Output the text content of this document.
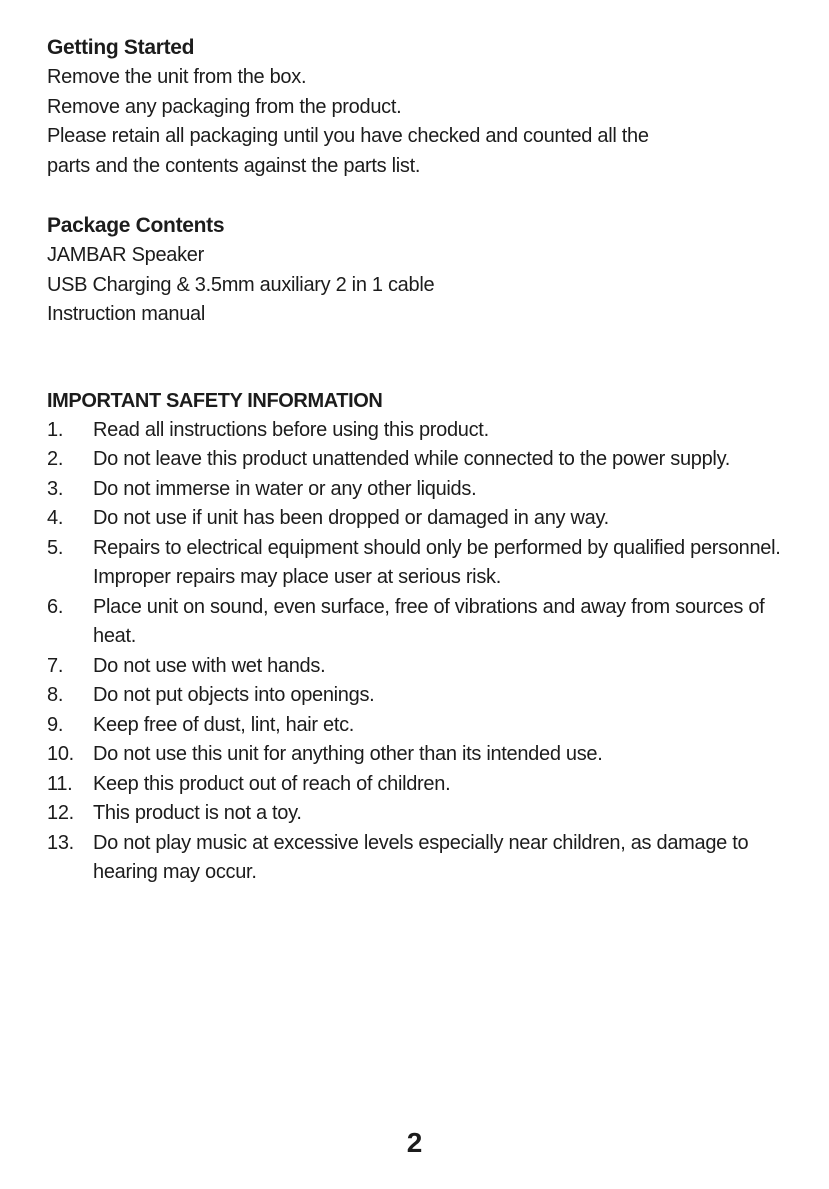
Getting Started

Remove the unit from the box.

Remove any packaging from the product.

Please retain all packaging until you have checked and counted all the

parts and the contents against the parts list.

Package Contents

JAMBAR Speaker

USB Charging & 3.5mm auxiliary 2 in 1 cable

Instruction manual

IMPORTANT SAFETY INFORMATION
1.	Read all instructions before using this product.
2.	Do not leave this product unattended while connected to the power supply.
3.	Do not immerse in water or any other liquids.
4.	Do not use if unit has been dropped or damaged in any way.
5.	Repairs to electrical equipment should only be performed by qualified personnel. Improper repairs may place user at serious risk.
6.	Place unit on sound, even surface, free of vibrations and away from sources of heat.
7.	Do not use with wet hands.
8.	Do not put objects into openings.
9.	Keep free of dust, lint, hair etc.
10. Do not use this unit for anything other than its intended use.
11.	Keep this product out of reach of children.
12. This product is not a toy.
13. Do not play music at excessive levels especially near children, as damage to hearing may occur.
2
